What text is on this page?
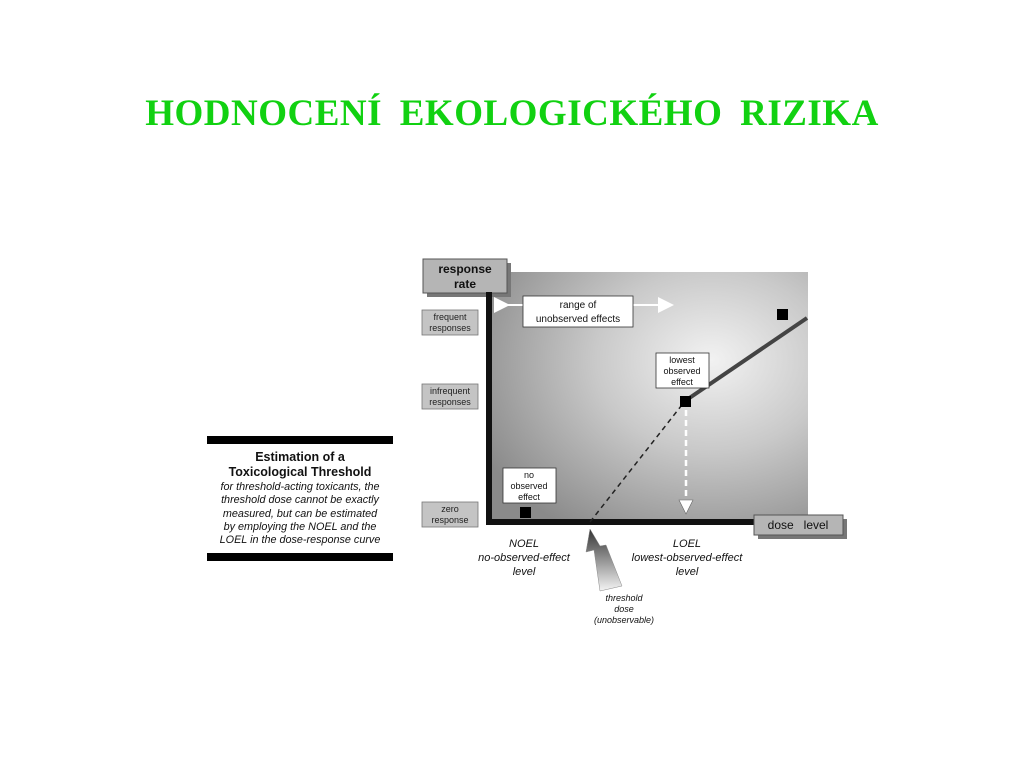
HODNOCENÍ EKOLOGICKÉHO RIZIKA
Estimation of a
Toxicological Threshold
for threshold-acting toxicants, the
threshold dose cannot be exactly
measured, but can be estimated
by employing the NOEL and the
LOEL in the dose-response curve
response
rate
dose   level
frequent
responses
infrequent
responses
zero
response
range of
unobserved effects
lowest
observed
effect
no
observed
effect
NOEL
no-observed-effect
level
LOEL
lowest-observed-effect
level
threshold
dose
(unobservable)
